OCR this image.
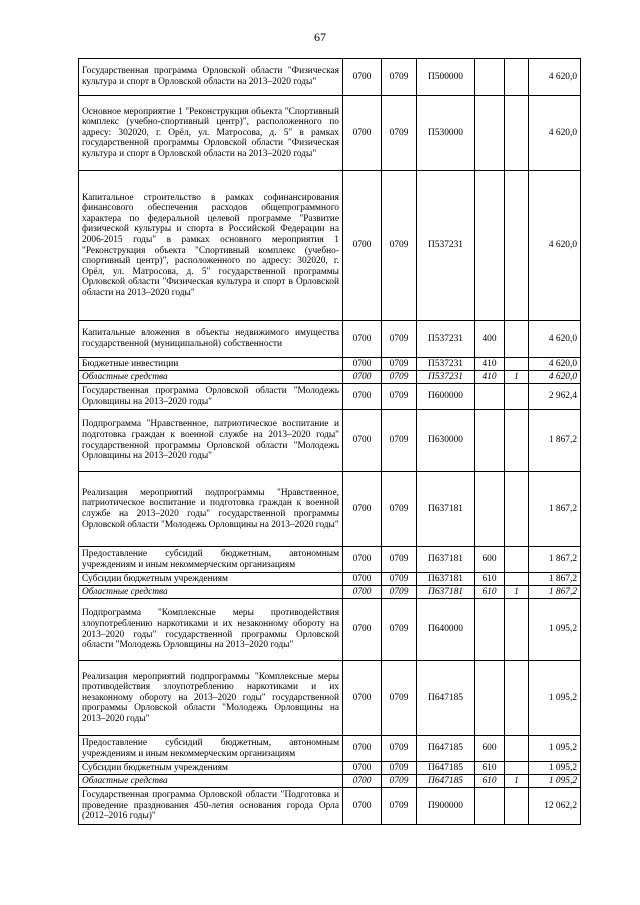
67
Государственная программа Орловской области "Физическая культура и спорт в Орловской области на 2013–2020 годы"	0700	0709	П500000			4 620,0
Основное мероприятие 1 "Реконструкция объекта "Спортивный комплекс (учебно-спортивный центр)", расположенного по адресу: 302020, г. Орёл, ул. Матросова, д. 5" в рамках государственной программы Орловской области "Физическая культура и спорт в Орловской области на 2013–2020 годы"	0700	0709	П530000			4 620,0
Капитальное строительство в рамках софинансирования финансового обеспечения расходов общепрограммного характера по федеральной целевой программе "Развитие физической культуры и спорта в Российской Федерации на 2006-2015 годы" в рамках основного мероприятия 1 "Реконструкция объекта "Спортивный комплекс (учебно-спортивный центр)", расположенного по адресу: 302020, г. Орёл, ул. Матросова, д. 5" государственной программы Орловской области "Физическая культура и спорт в Орловской области на 2013–2020 годы"	0700	0709	П537231			4 620,0
Капитальные вложения в объекты недвижимого имущества государственной (муниципальной) собственности	0700	0709	П537231	400		4 620,0
Бюджетные инвестиции	0700	0709	П537231	410		4 620,0
Областные средства	0700	0709	П537231	410	1	4 620,0
Государственная программа Орловской области "Молодежь Орловщины на 2013–2020 годы"	0700	0709	П600000			2 962,4
Подпрограмма "Нравственное, патриотическое воспитание и подготовка граждан к военной службе на 2013–2020 годы" государственной программы Орловской области "Молодежь Орловщины на 2013–2020 годы"	0700	0709	П630000			1 867,2
Реализация мероприятий подпрограммы "Нравственное, патриотическое воспитание и подготовка граждан к военной службе на 2013–2020 годы" государственной программы Орловской области "Молодежь Орловщины на 2013–2020 годы"	0700	0709	П637181			1 867,2
Предоставление субсидий бюджетным, автономным учреждениям и иным некоммерческим организациям	0700	0709	П637181	600		1 867,2
Субсидии бюджетным учреждениям	0700	0709	П637181	610		1 867,2
Областные средства	0700	0709	П637181	610	1	1 867,2
Подпрограмма "Комплексные меры противодействия злоупотреблению наркотиками и их незаконному обороту на 2013–2020 годы" государственной программы Орловской области "Молодежь Орловщины на 2013–2020 годы"	0700	0709	П640000			1 095,2
Реализация мероприятий подпрограммы "Комплексные меры противодействия злоупотреблению наркотиками и их незаконному обороту на 2013–2020 годы" государственной программы Орловской области "Молодежь Орловщины на 2013–2020 годы"	0700	0709	П647185			1 095,2
Предоставление субсидий бюджетным, автономным учреждениям и иным некоммерческим организациям	0700	0709	П647185	600		1 095,2
Субсидии бюджетным учреждениям	0700	0709	П647185	610		1 095,2
Областные средства	0700	0709	П647185	610	1	1 095,2
Государственная программа Орловской области "Подготовка и проведение празднования 450-летия основания города Орла (2012–2016 годы)"	0700	0709	П900000			12 062,2
